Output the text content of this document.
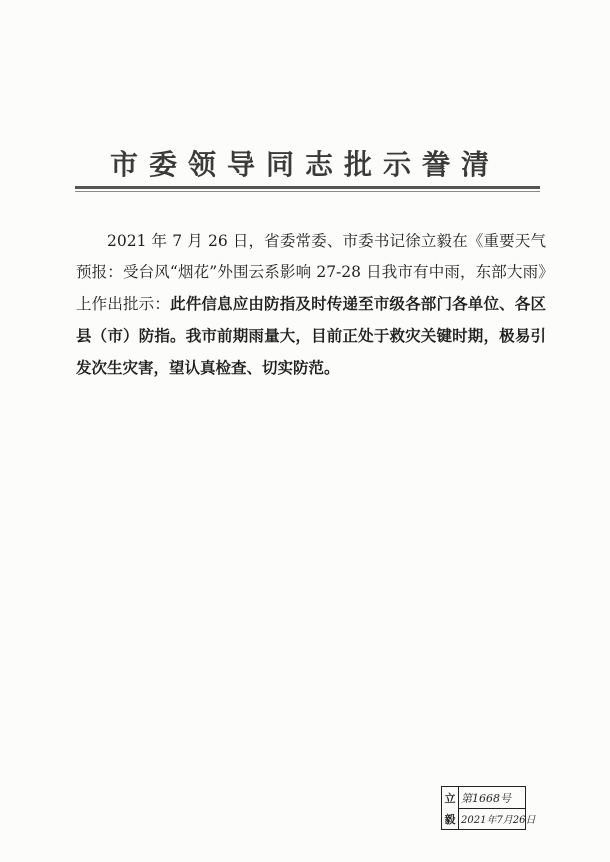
市委领导同志批示誊清
2021 年 7 月 26 日，省委常委、市委书记徐立毅在《重要天气预报：受台风“烟花”外围云系影响 27-28 日我市有中雨，东部大雨》上作出批示：此件信息应由防指及时传递至市级各部门各单位、各区县（市）防指。我市前期雨量大，目前正处于救灾关键时期，极易引发次生灾害，望认真检查、切实防范。
立
毅
第1668号
2021年7月26日
